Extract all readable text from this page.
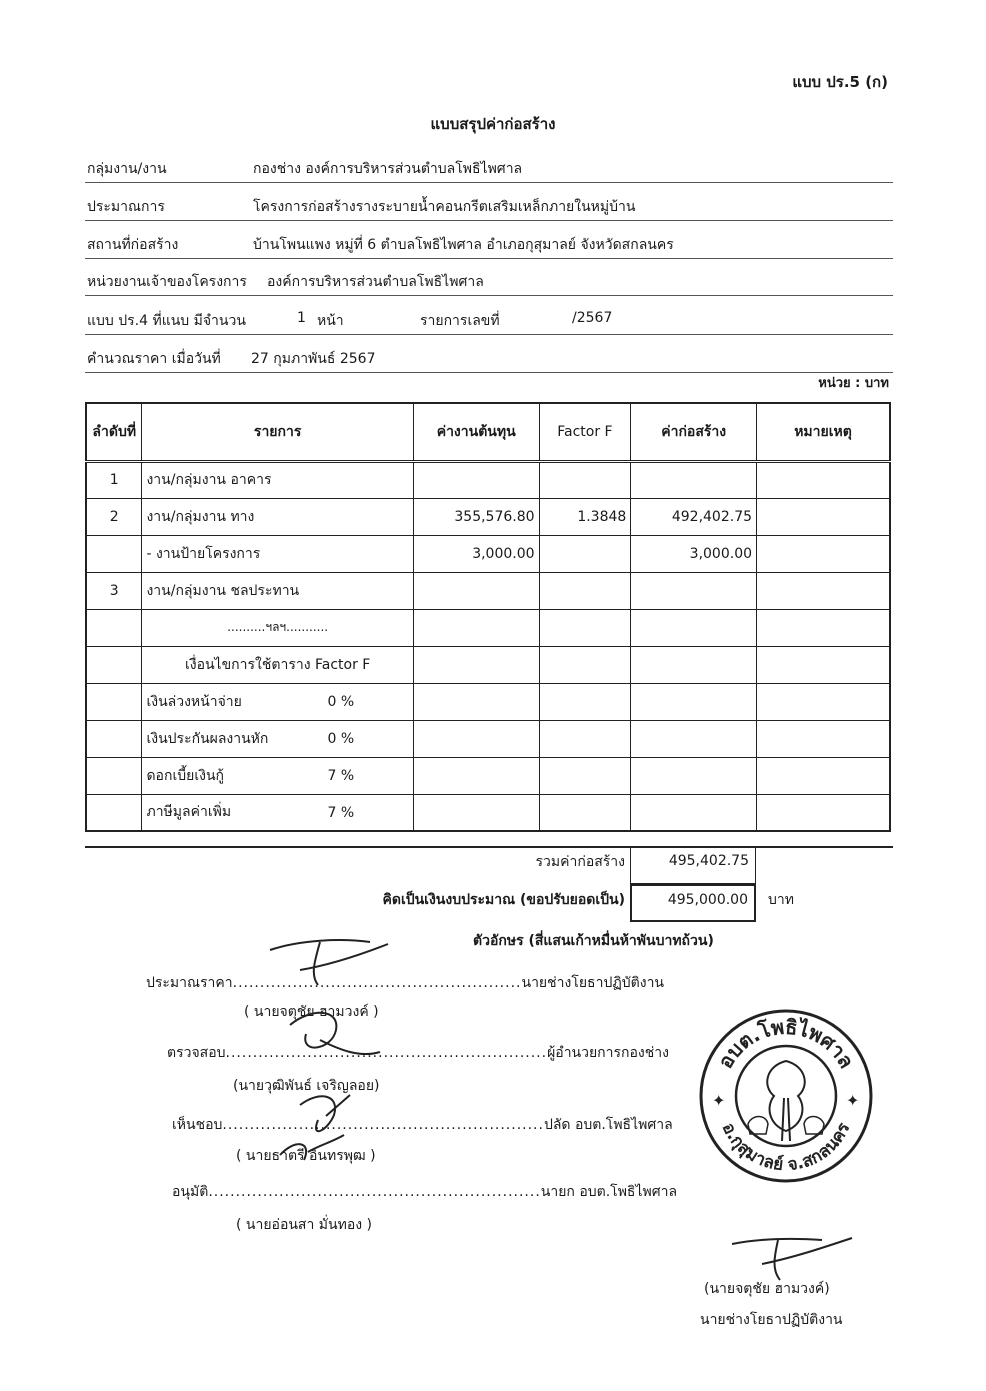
แบบ ปร.5 (ก)
แบบสรุปค่าก่อสร้าง
กลุ่มงาน/งาน	กองช่าง องค์การบริหารส่วนตำบลโพธิไพศาล
ประมาณการ	โครงการก่อสร้างรางระบายน้ำคอนกรีตเสริมเหล็กภายในหมู่บ้าน
สถานที่ก่อสร้าง	บ้านโพนแพง หมู่ที่ 6 ตำบลโพธิไพศาล อำเภอกุสุมาลย์ จังหวัดสกลนคร
หน่วยงานเจ้าของโครงการ องค์การบริหารส่วนตำบลโพธิไพศาล
แบบ ปร.4 ที่แนบ มีจำนวน	1 หน้า	รายการเลขที่	/2567
คำนวณราคา เมื่อวันที่ 27 กุมภาพันธ์ 2567
หน่วย : บาท
ลำดับที่	รายการ	ค่างานต้นทุน	Factor F	ค่าก่อสร้าง	หมายเหตุ
1	งาน/กลุ่มงาน อาคาร				
2	งาน/กลุ่มงาน ทาง	355,576.80	1.3848	492,402.75	
	- งานป้ายโครงการ	3,000.00		3,000.00	
3	งาน/กลุ่มงาน ชลประทาน				
	..........ฯลฯ...........				
	เงื่อนไขการใช้ตาราง Factor F				
	เงินล่วงหน้าจ่าย 0 %				

	เงินประกันผลงานหัก 0 %				

	ดอกเบี้ยเงินกู้ 7 %				

	ภาษีมูลค่าเพิ่ม 7 %				

รวมค่าก่อสร้าง	495,402.75
คิดเป็นเงินงบประมาณ (ขอปรับยอดเป็น)	495,000.00	บาท
ตัวอักษร (สี่แสนเก้าหมื่นห้าพันบาทถ้วน)
ประมาณราคา.....................................................นายช่างโยธาปฏิบัติงาน
( นายจตุชัย ฮามวงค์ )
ตรวจสอบ...........................................................ผู้อำนวยการกองช่าง
(นายวุฒิพันธ์ เจริญลอย)
เห็นชอบ...........................................................ปลัด อบต.โพธิไพศาล
( นายธาตรี อินทรพุฒ )
อนุมัติ.............................................................นายก อบต.โพธิไพศาล
( นายอ่อนสา มั่นทอง )
อบต.โพธิไพศาล
อ.กุสุมาลย์ จ.สกลนคร
✦	✦
(นายจตุชัย ฮามวงค์)
นายช่างโยธาปฏิบัติงาน
